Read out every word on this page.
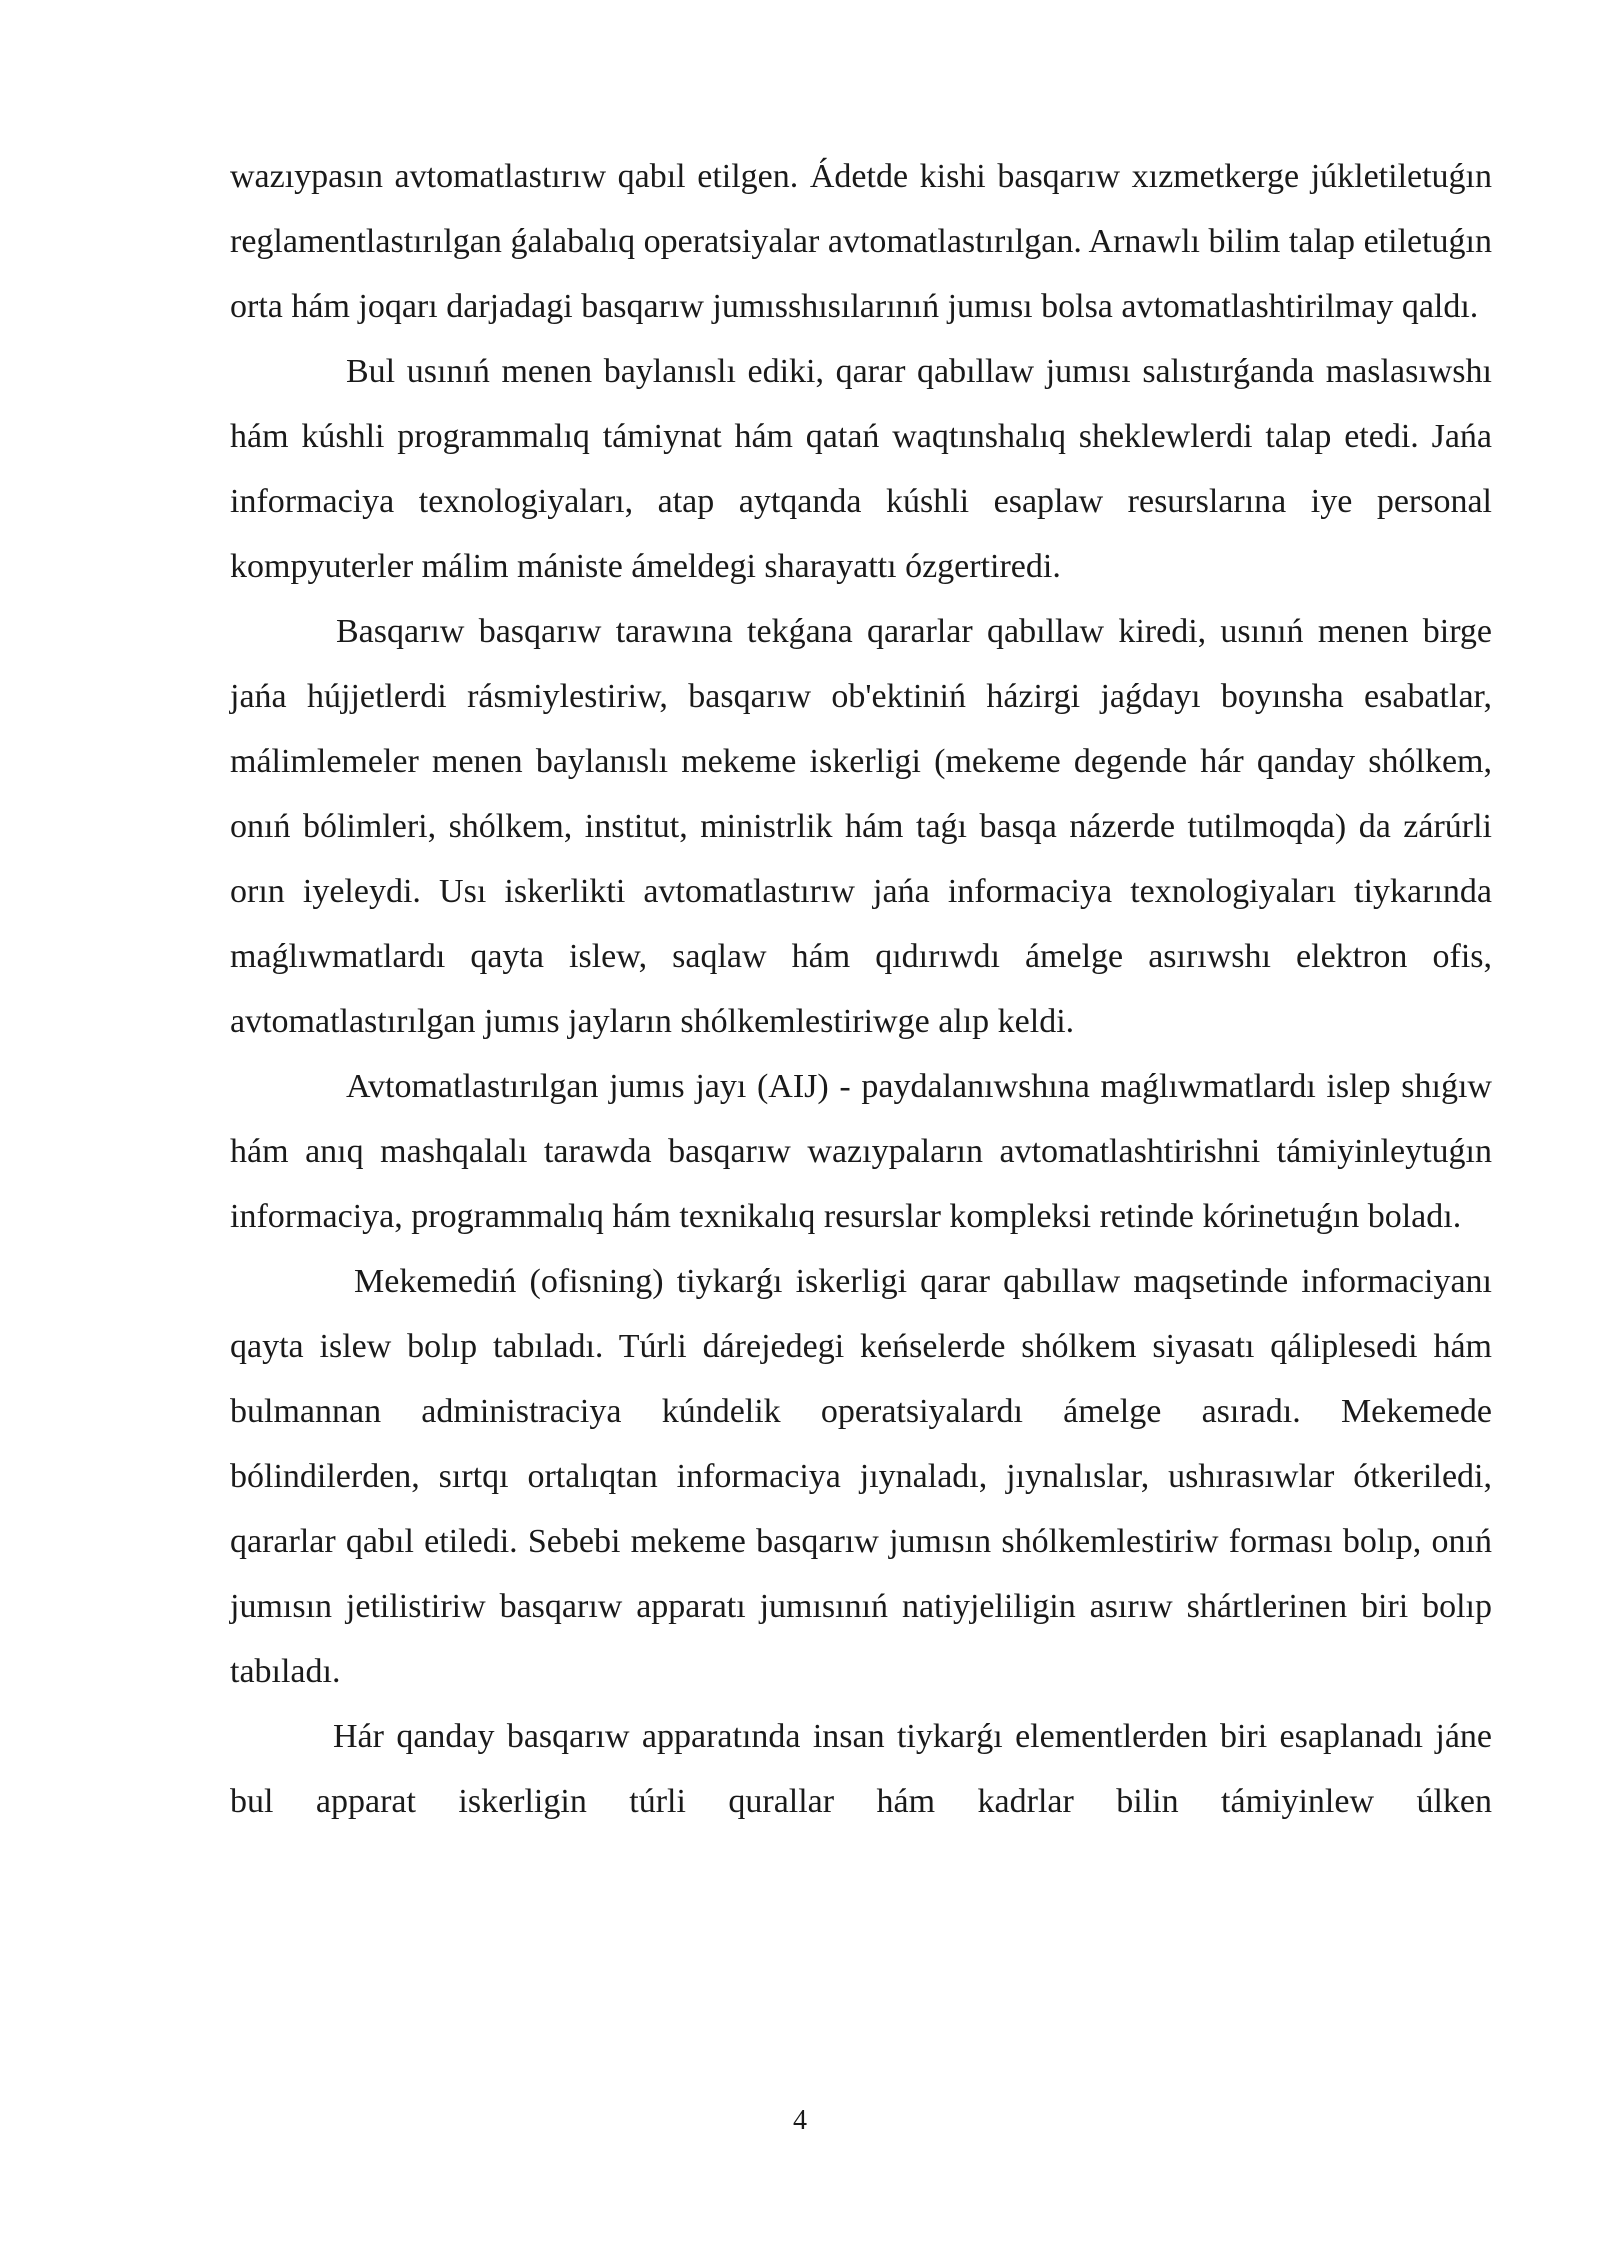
wazıypasın avtomatlastırıw qabıl etilgen. Ádetde kishi basqarıw xızmetkerge júkletiletuǵın reglamentlastırılgan ǵalabalıq operatsiyalar avtomatlastırılgan. Arnawlı bilim talap etiletuǵın orta hám joqarı darjadagi basqarıw jumısshısılarınıń jumısı bolsa avtomatlashtirilmay qaldı.

Bul usınıń menen baylanıslı ediki, qarar qabıllaw jumısı salıstırǵanda maslasıwshı hám kúshli programmalıq támiynat hám qatań waqtınshalıq sheklewlerdi talap etedi. Jańa informaciya texnologiyaları, atap aytqanda kúshli esaplaw resurslarına iye personal kompyuterler málim mániste ámeldegi sharayattı ózgertiredi.

Basqarıw basqarıw tarawına tekǵana qararlar qabıllaw kiredi, usınıń menen birge jańa hújjetlerdi rásmiylestiriw, basqarıw ob'ektiniń házirgi jaǵdayı boyınsha esabatlar, málimlemeler menen baylanıslı mekeme iskerligi (mekeme degende hár qanday shólkem, onıń bólimleri, shólkem, institut, ministrlik hám taǵı basqa názerde tutilmoqda) da zárúrli orın iyeleydi. Usı iskerlikti avtomatlastırıw jańa informaciya texnologiyaları tiykarında maǵlıwmatlardı qayta islew, saqlaw hám qıdırıwdı ámelge asırıwshı elektron ofis, avtomatlastırılgan jumıs jayların shólkemlestiriwge alıp keldi.

Avtomatlastırılgan jumıs jayı (AIJ) - paydalanıwshına maǵlıwmatlardı islep shıǵıw hám anıq mashqalalı tarawda basqarıw wazıypaların avtomatlashtirishni támiyinleytuǵın informaciya, programmalıq hám texnikalıq resurslar kompleksi retinde kórinetuǵın boladı.

Mekemediń (ofisning) tiykarǵı iskerligi qarar qabıllaw maqsetinde informaciyanı qayta islew bolıp tabıladı. Túrli dárejedegi keńselerde shólkem siyasatı qáliplesedi hám bulmannan administraciya kúndelik operatsiyalardı ámelge asıradı. Mekemede bólindilerden, sırtqı ortalıqtan informaciya jıynaladı, jıynalıslar, ushırasıwlar ótkeriledi, qararlar qabıl etiledi. Sebebi mekeme basqarıw jumısın shólkemlestiriw forması bolıp, onıń jumısın jetilistiriw basqarıw apparatı jumısınıń natiyjeliligin asırıw shártlerinen biri bolıp tabıladı.

Hár qanday basqarıw apparatında insan tiykarǵı elementlerden biri esaplanadı jáne bul apparat iskerligin túrli qurallar hám kadrlar bilin támiyinlew úlken

4
